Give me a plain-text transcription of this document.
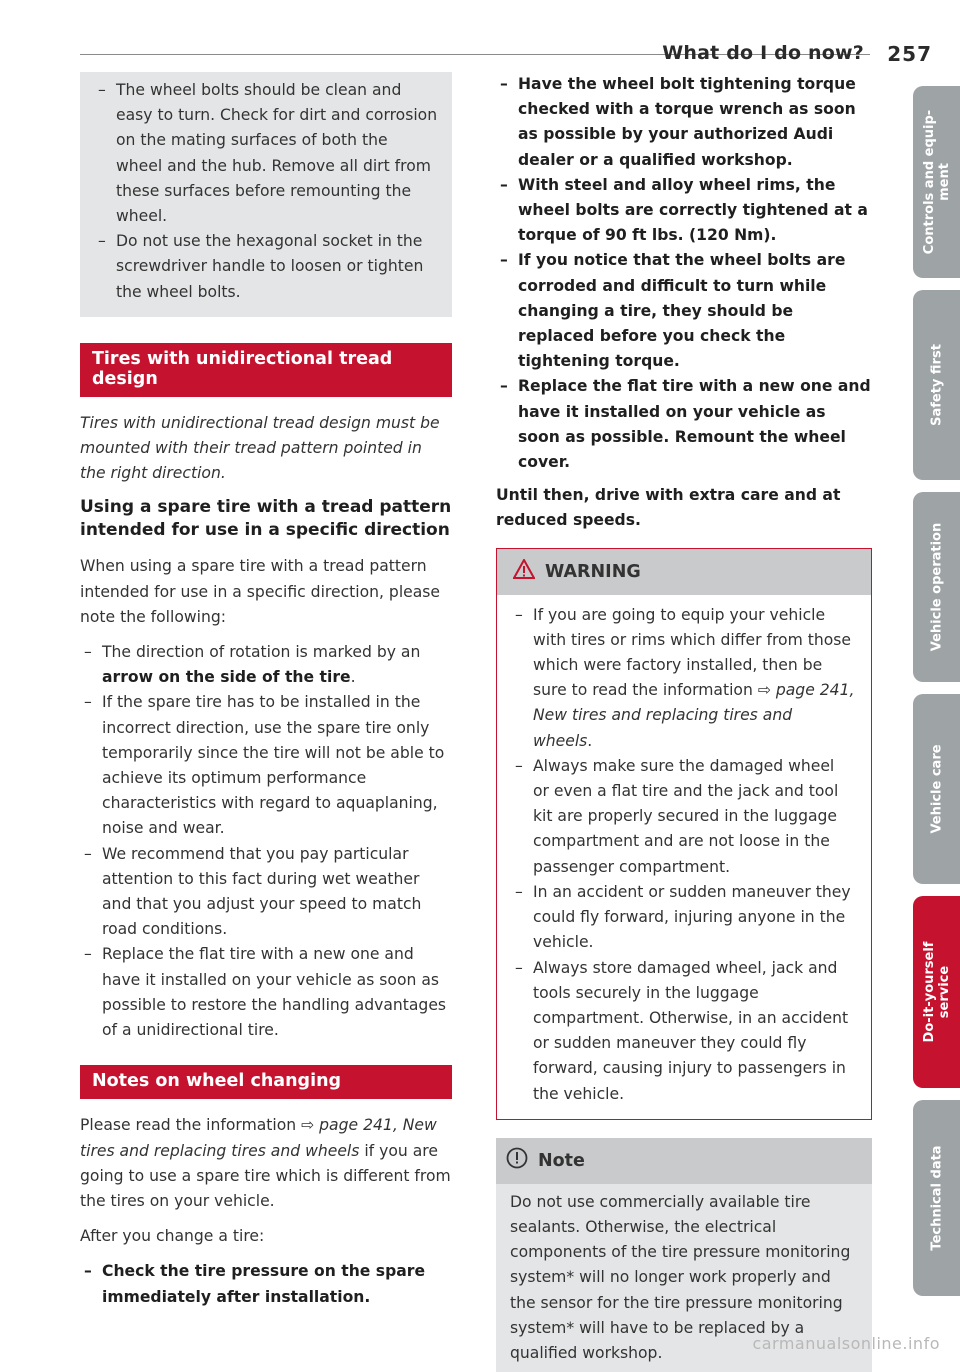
What do I do now? 257
– The wheel bolts should be clean and easy to turn. Check for dirt and corrosion on the mating surfaces of both the wheel and the hub. Remove all dirt from these surfaces before remounting the wheel.
– Do not use the hexagonal socket in the screwdriver handle to loosen or tighten the wheel bolts.
Tires with unidirectional tread design

Tires with unidirectional tread design must be mounted with their tread pattern pointed in the right direction.

Using a spare tire with a tread pattern intended for use in a specific direction

When using a spare tire with a tread pattern intended for use in a specific direction, please note the following:

– The direction of rotation is marked by an arrow on the side of the tire.
– If the spare tire has to be installed in the incorrect direction, use the spare tire only temporarily since the tire will not be able to achieve its optimum performance characteristics with regard to aquaplaning, noise and wear.
– We recommend that you pay particular attention to this fact during wet weather and that you adjust your speed to match road conditions.
– Replace the flat tire with a new one and have it installed on your vehicle as soon as possible to restore the handling advantages of a unidirectional tire.
Notes on wheel changing

Please read the information ⇨ page 241, New tires and replacing tires and wheels if you are going to use a spare tire which is different from the tires on your vehicle.

After you change a tire:

– Check the tire pressure on the spare immediately after installation.
– Have the wheel bolt tightening torque checked with a torque wrench as soon as possible by your authorized Audi dealer or a qualified workshop.
– With steel and alloy wheel rims, the wheel bolts are correctly tightened at a torque of 90 ft lbs. (120 Nm).
– If you notice that the wheel bolts are corroded and difficult to turn while changing a tire, they should be replaced before you check the tightening torque.
– Replace the flat tire with a new one and have it installed on your vehicle as soon as possible. Remount the wheel cover.

Until then, drive with extra care and at reduced speeds.

WARNING
– If you are going to equip your vehicle with tires or rims which differ from those which were factory installed, then be sure to read the information ⇨ page 241, New tires and replacing tires and wheels.
– Always make sure the damaged wheel or even a flat tire and the jack and tool kit are properly secured in the luggage compartment and are not loose in the passenger compartment.
– In an accident or sudden maneuver they could fly forward, injuring anyone in the vehicle.
– Always store damaged wheel, jack and tools securely in the luggage compartment. Otherwise, in an accident or sudden maneuver they could fly forward, causing injury to passengers in the vehicle.
Note
Do not use commercially available tire sealants. Otherwise, the electrical components of the tire pressure monitoring system* will no longer work properly and the sensor for the tire pressure monitoring system* will have to be replaced by a qualified workshop.
Controls and equip-
ment
Safety first
Vehicle operation
Vehicle care
Do-it-yourself
service
Technical data
carmanualsonline.info
